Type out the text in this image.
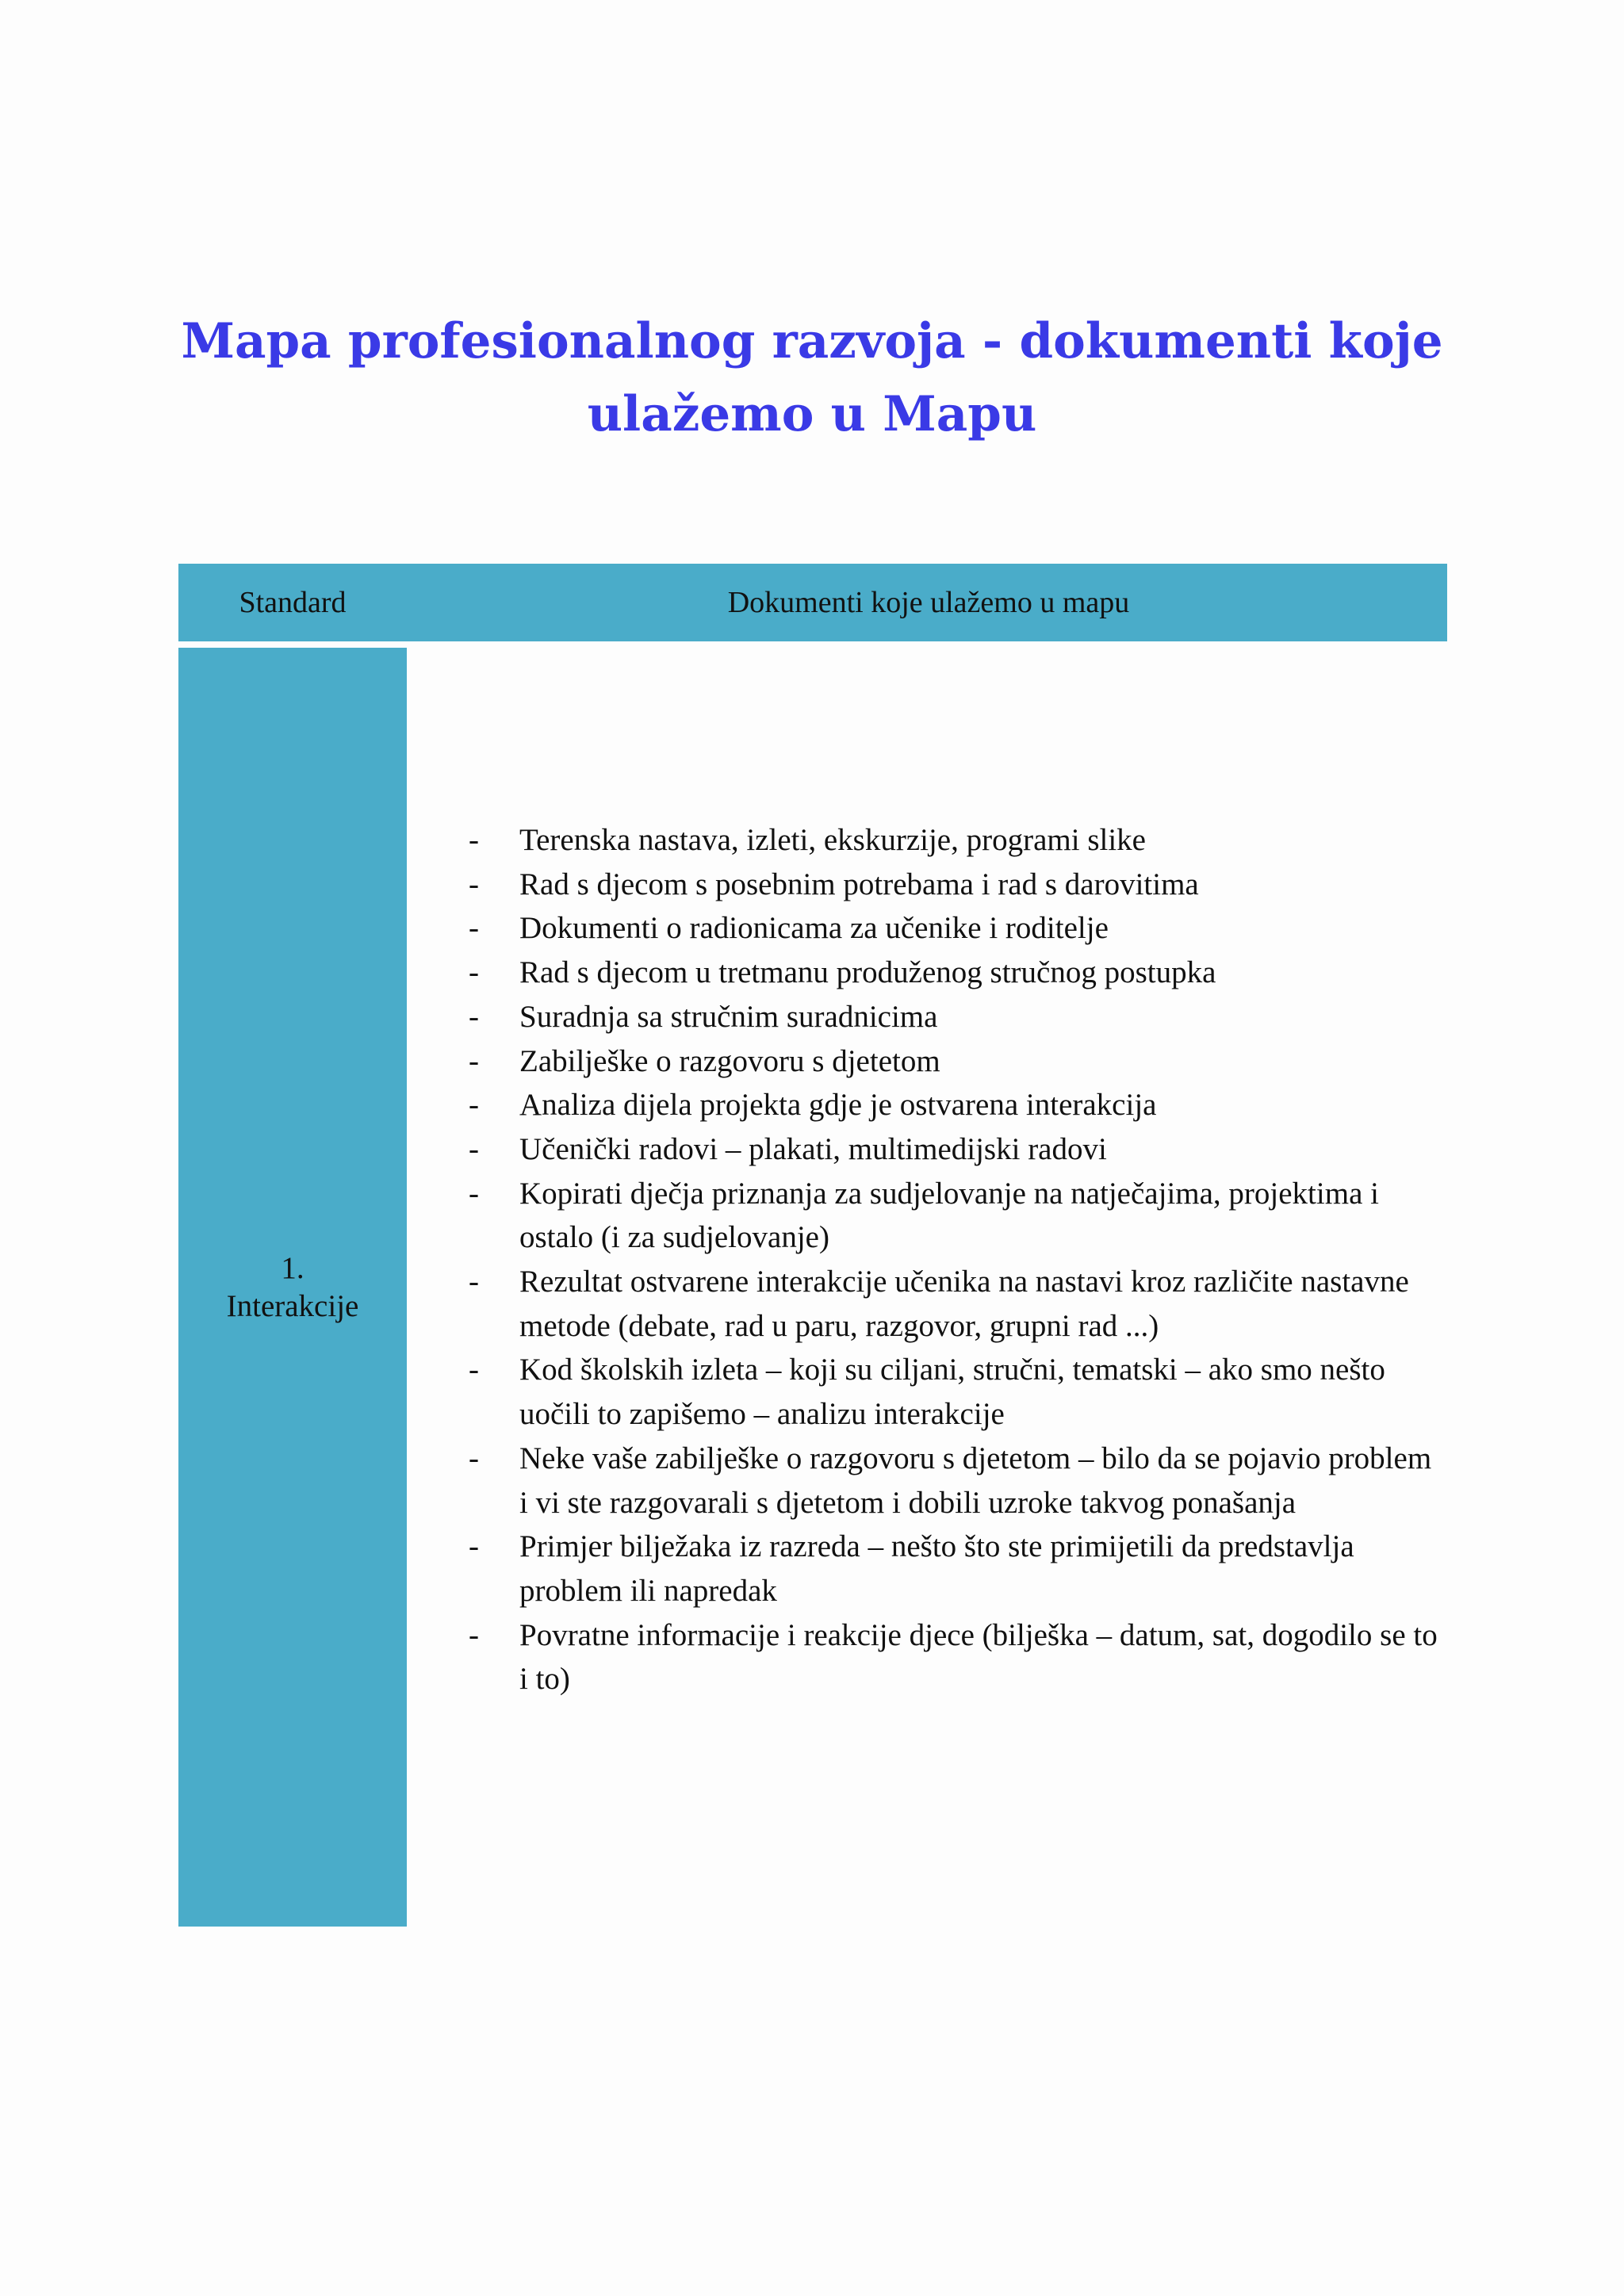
Mapa profesionalnog razvoja - dokumenti koje
ulažemo u Mapu
Standard	Dokumenti koje ulažemo u mapu
1.
Interakcije
- Terenska nastava, izleti, ekskurzije, programi slike
- Rad s djecom s posebnim potrebama i rad s darovitima
- Dokumenti o radionicama za učenike i roditelje
- Rad s djecom u tretmanu produženog stručnog postupka
- Suradnja sa stručnim suradnicima
- Zabilješke o razgovoru s djetetom
- Analiza dijela projekta gdje je ostvarena interakcija
- Učenički radovi – plakati, multimedijski radovi
- Kopirati dječja priznanja za sudjelovanje na natječajima, projektima i ostalo (i za sudjelovanje)
- Rezultat ostvarene interakcije učenika na nastavi kroz različite nastavne metode (debate, rad u paru, razgovor, grupni rad ...)
- Kod školskih izleta – koji su ciljani, stručni, tematski – ako smo nešto uočili to zapišemo – analizu interakcije
- Neke vaše zabilješke o razgovoru s djetetom – bilo da se pojavio problem i vi ste razgovarali s djetetom i dobili uzroke takvog ponašanja
- Primjer bilježaka iz razreda – nešto što ste primijetili da predstavlja problem ili napredak
- Povratne informacije i reakcije djece (bilješka – datum, sat, dogodilo se to i to)
